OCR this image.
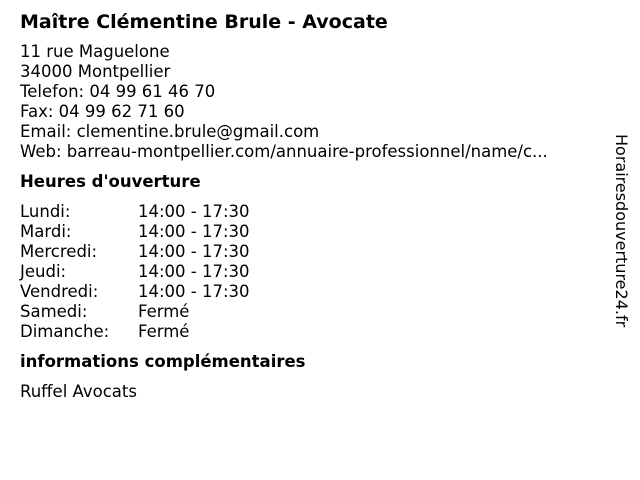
Maître Clémentine Brule - Avocate
11 rue Maguelone
34000 Montpellier
Telefon: 04 99 61 46 70
Fax: 04 99 62 71 60
Email: clementine.brule@gmail.com
Web: barreau-montpellier.com/annuaire-professionnel/name/c...
Heures d'ouverture
Lundi:	14:00 - 17:30
Mardi:	14:00 - 17:30
Mercredi:	14:00 - 17:30
Jeudi:	14:00 - 17:30
Vendredi:	14:00 - 17:30
Samedi:	Fermé
Dimanche:	Fermé
informations complémentaires
Ruffel Avocats
Horairesdouverture24.fr
